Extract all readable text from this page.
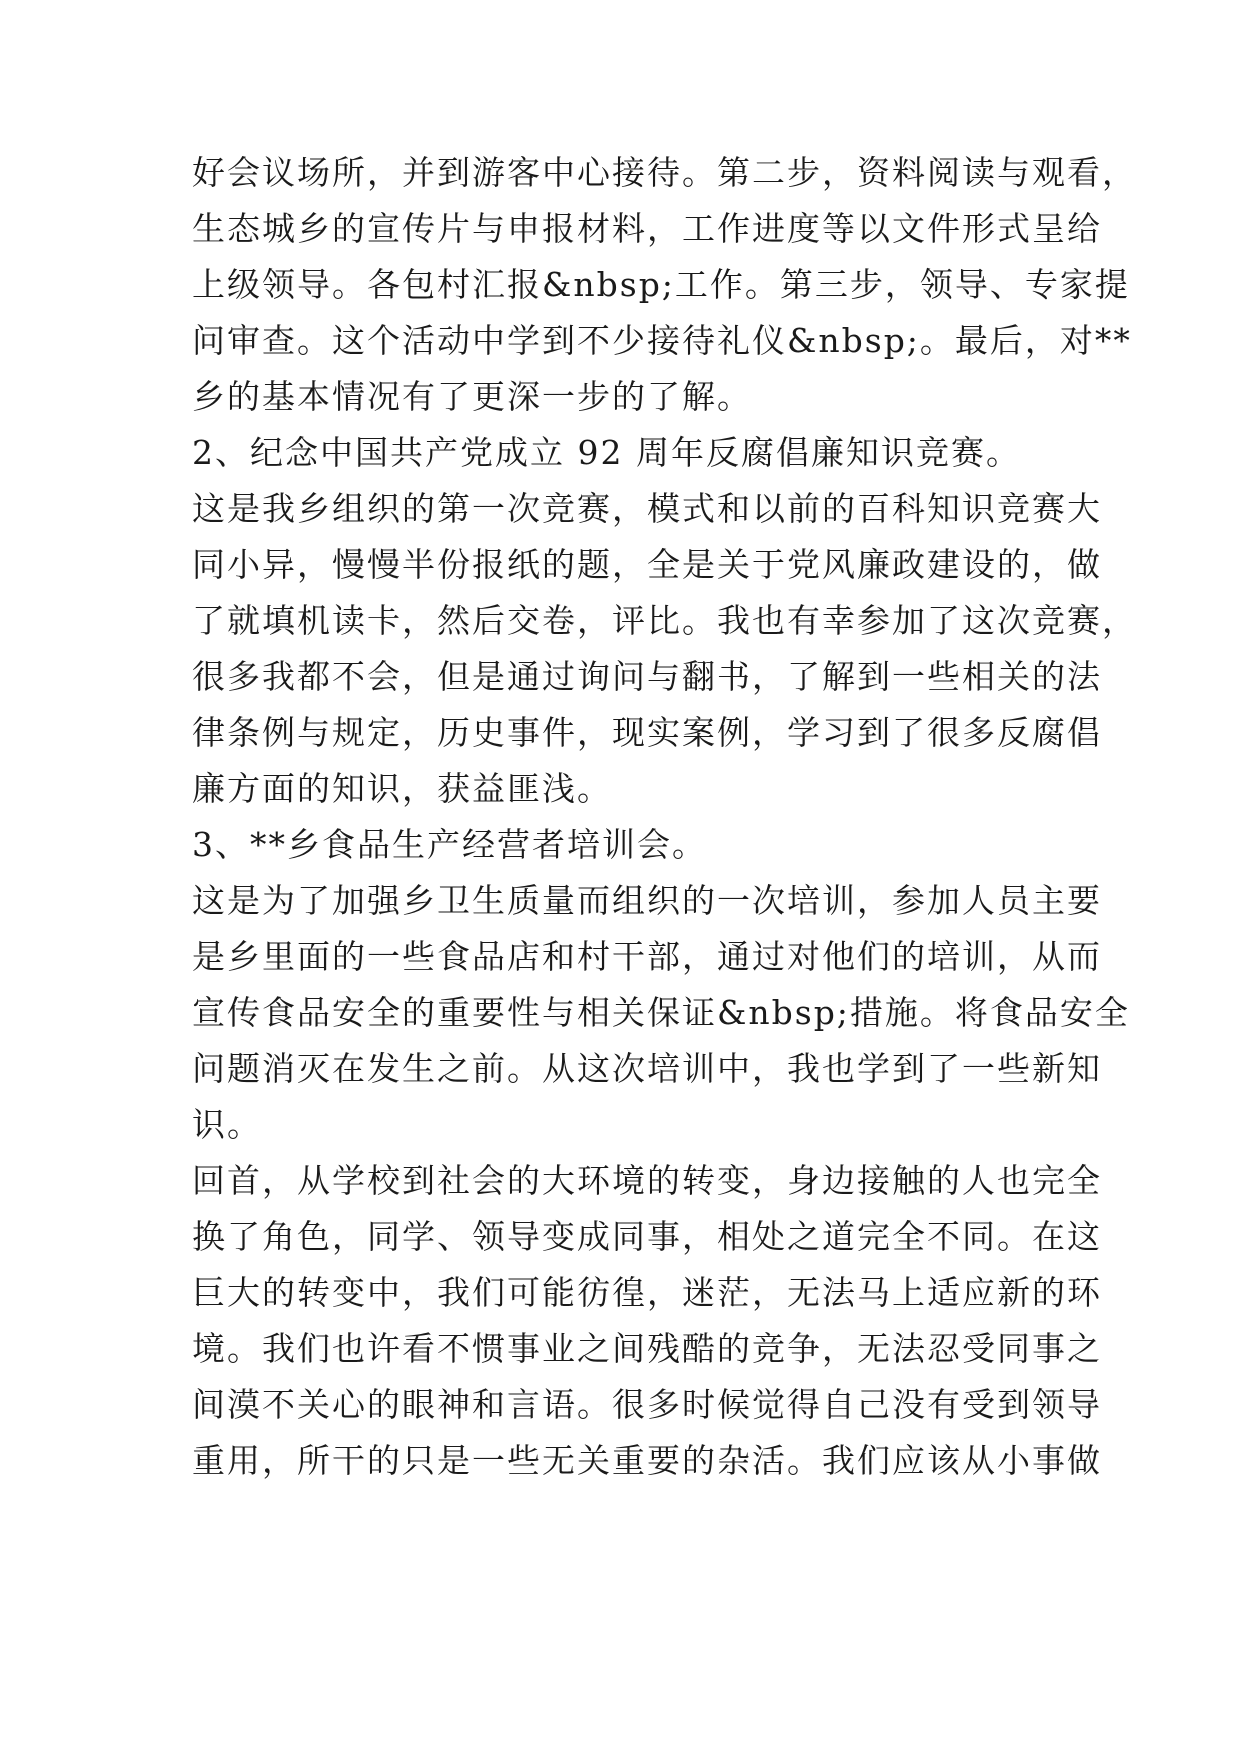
好会议场所，并到游客中心接待。第二步，资料阅读与观看，
生态城乡的宣传片与申报材料，工作进度等以文件形式呈给
上级领导。各包村汇报&nbsp;工作。第三步，领导、专家提
问审查。这个活动中学到不少接待礼仪&nbsp;。最后，对**
乡的基本情况有了更深一步的了解。
2、纪念中国共产党成立 92 周年反腐倡廉知识竞赛。
这是我乡组织的第一次竞赛，模式和以前的百科知识竞赛大
同小异，慢慢半份报纸的题，全是关于党风廉政建设的，做
了就填机读卡，然后交卷，评比。我也有幸参加了这次竞赛，
很多我都不会，但是通过询问与翻书，了解到一些相关的法
律条例与规定，历史事件，现实案例，学习到了很多反腐倡
廉方面的知识，获益匪浅。
3、**乡食品生产经营者培训会。
这是为了加强乡卫生质量而组织的一次培训，参加人员主要
是乡里面的一些食品店和村干部，通过对他们的培训，从而
宣传食品安全的重要性与相关保证&nbsp;措施。将食品安全
问题消灭在发生之前。从这次培训中，我也学到了一些新知
识。
回首，从学校到社会的大环境的转变，身边接触的人也完全
换了角色，同学、领导变成同事，相处之道完全不同。在这
巨大的转变中，我们可能彷徨，迷茫，无法马上适应新的环
境。我们也许看不惯事业之间残酷的竞争，无法忍受同事之
间漠不关心的眼神和言语。很多时候觉得自己没有受到领导
重用，所干的只是一些无关重要的杂活。我们应该从小事做
